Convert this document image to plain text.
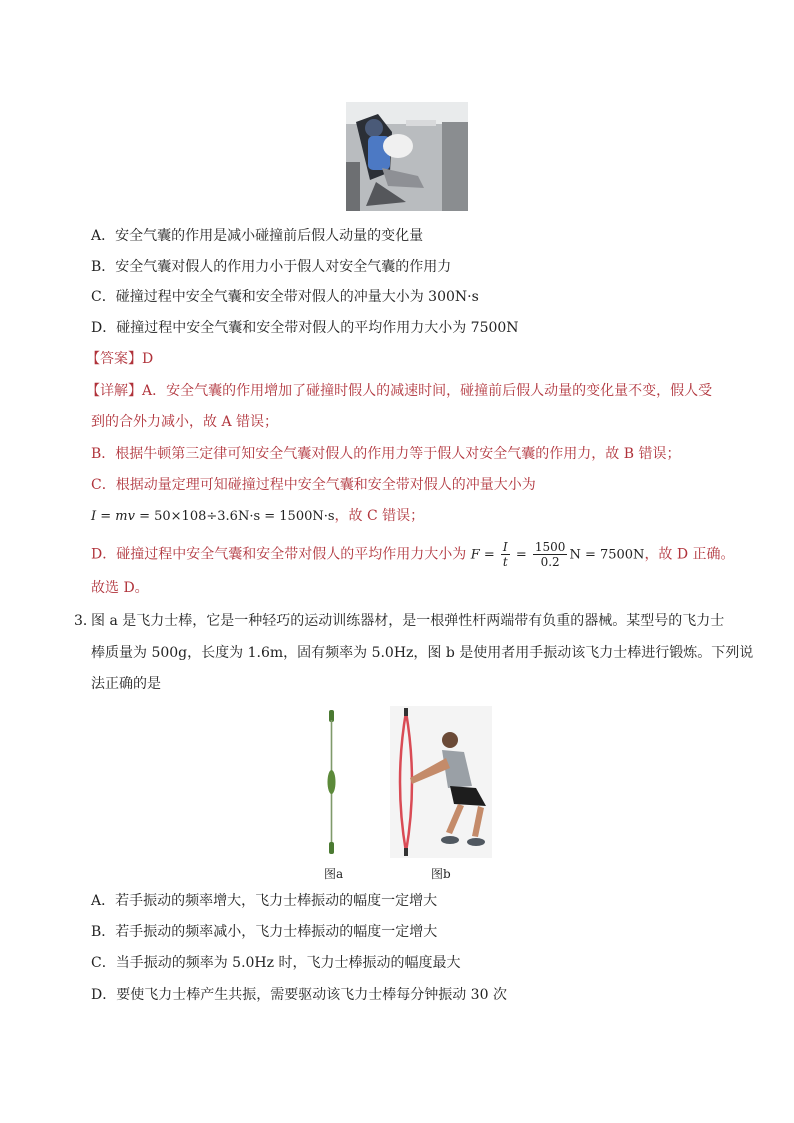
A．安全气囊的作用是减小碰撞前后假人动量的变化量
B．安全气囊对假人的作用力小于假人对安全气囊的作用力
C．碰撞过程中安全气囊和安全带对假人的冲量大小为 300N·s
D．碰撞过程中安全气囊和安全带对假人的平均作用力大小为 7500N
【答案】D
【详解】A．安全气囊的作用增加了碰撞时假人的减速时间，碰撞前后假人动量的变化量不变，假人受
到的合外力减小，故 A 错误；
B．根据牛顿第三定律可知安全气囊对假人的作用力等于假人对安全气囊的作用力，故 B 错误；
C．根据动量定理可知碰撞过程中安全气囊和安全带对假人的冲量大小为
I = mv = 50×108÷3.6N·s = 1500N·s，故 C 错误；
D．碰撞过程中安全气囊和安全带对假人的平均作用力大小为 $F = \frac{I}{t} = \frac{1500}{0.2}$ N = 7500N，故 D 正确。
故选 D。
3．
图 a 是飞力士棒，它是一种轻巧的运动训练器材，是一根弹性杆两端带有负重的器械。某型号的飞力士
棒质量为 500g，长度为 1.6m，固有频率为 5.0Hz，图 b 是使用者用手振动该飞力士棒进行锻炼。下列说
法正确的是
图a	图b
A．若手振动的频率增大，飞力士棒振动的幅度一定增大
B．若手振动的频率减小，飞力士棒振动的幅度一定增大
C．当手振动的频率为 5.0Hz 时，飞力士棒振动的幅度最大
D．要使飞力士棒产生共振，需要驱动该飞力士棒每分钟振动 30 次
